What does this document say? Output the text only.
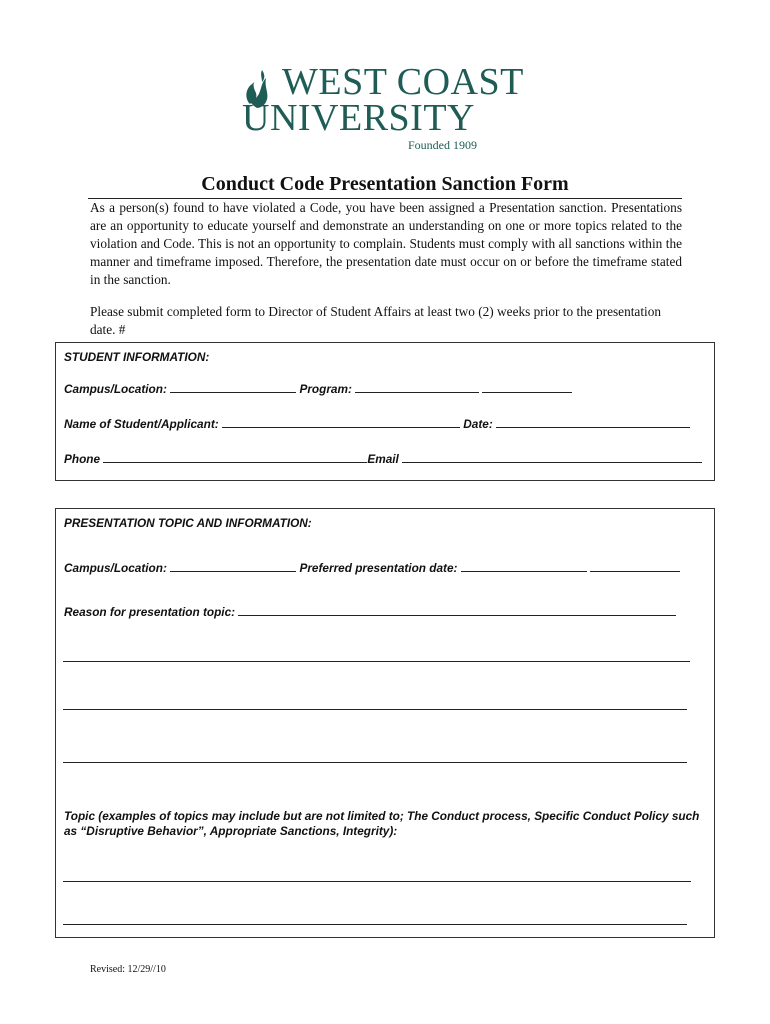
WEST COAST
UNIVERSITY
Founded 1909
Conduct Code Presentation Sanction Form

As a person(s) found to have violated a Code, you have been assigned a Presentation sanction. Presentations are an opportunity to educate yourself and demonstrate an understanding on one or more topics related to the violation and Code. This is not an opportunity to complain. Students must comply with all sanctions within the manner and timeframe imposed. Therefore, the presentation date must occur on or before the timeframe stated in the sanction.

Please submit completed form to Director of Student Affairs at least two (2) weeks prior to the presentation date. #
STUDENT INFORMATION:
Campus/Location:	Program:
Name of Student/Applicant:	Date:
Phone	Email
PRESENTATION TOPIC AND INFORMATION:
Campus/Location:	Preferred presentation date:
Reason for presentation topic:
Topic (examples of topics may include but are not limited to; The Conduct process, Specific Conduct Policy such as “Disruptive Behavior”, Appropriate Sanctions, Integrity):
Revised: 12/29//10
